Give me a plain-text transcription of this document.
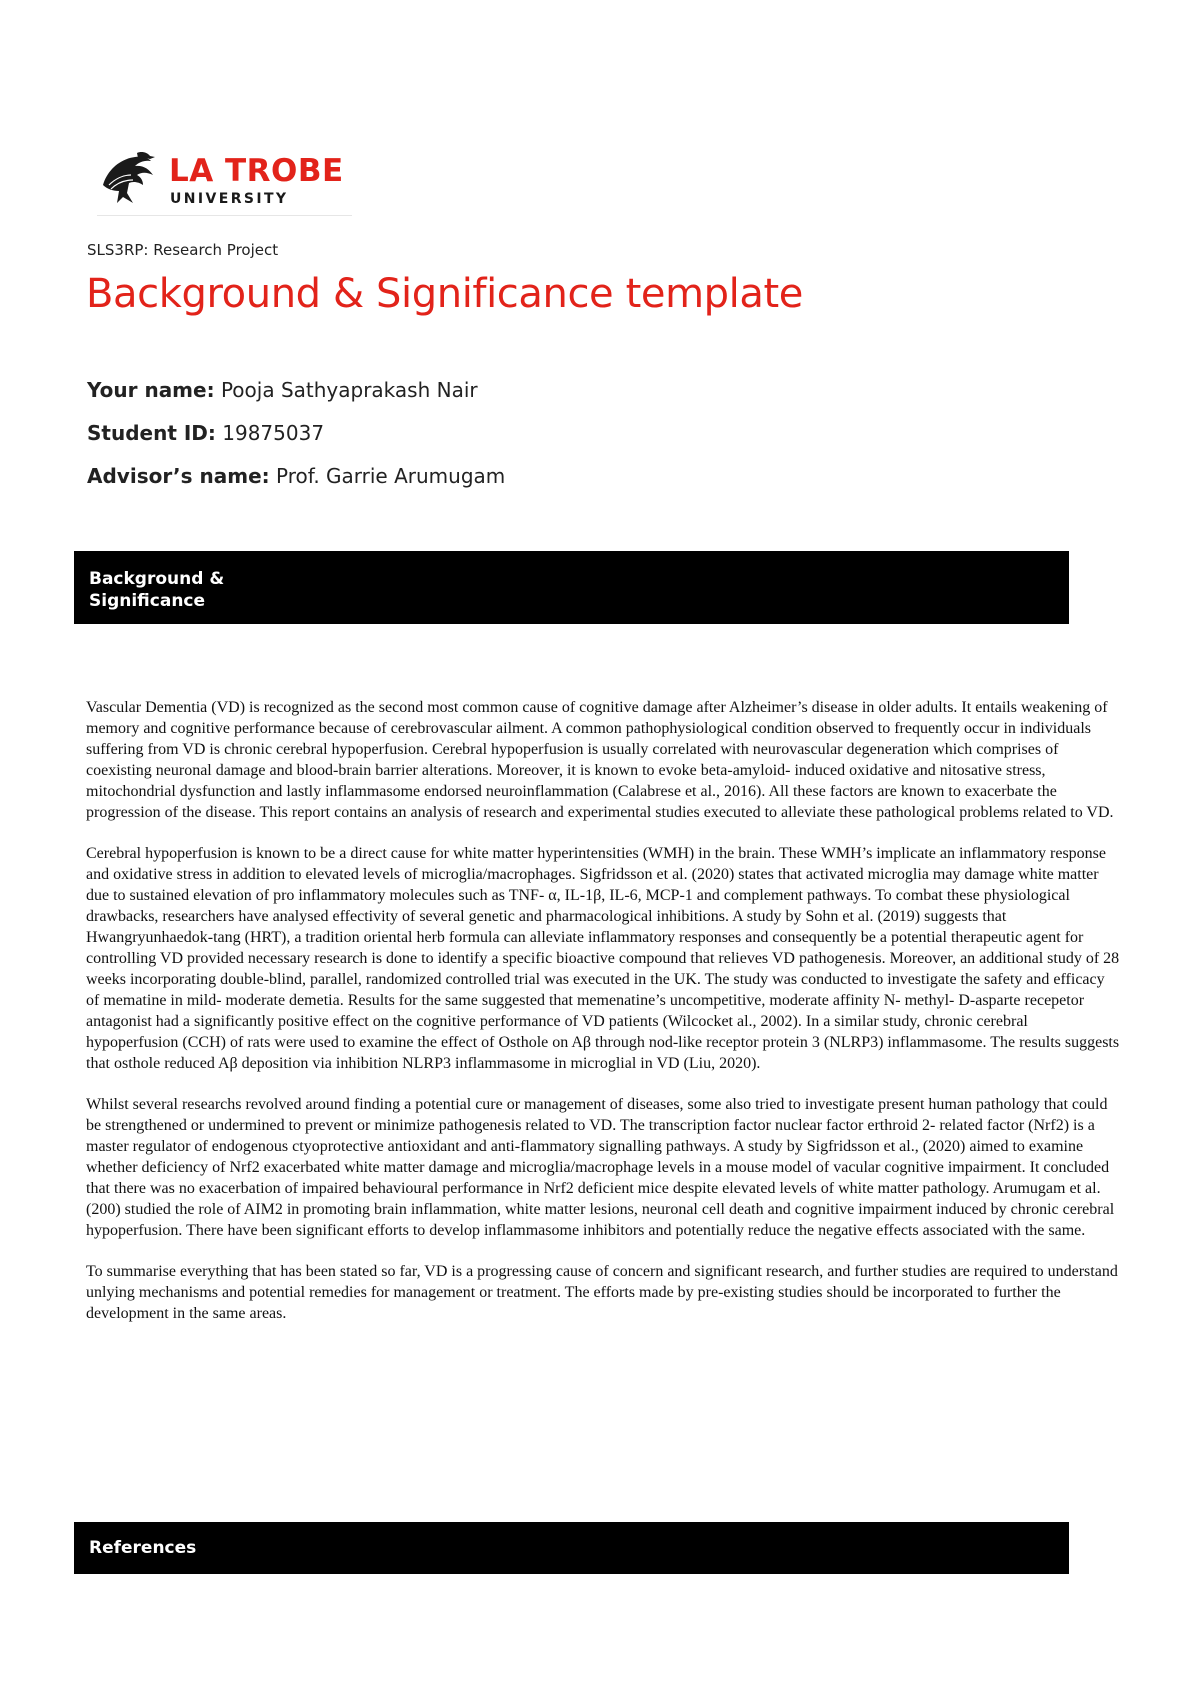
LA TROBE
UNIVERSITY
SLS3RP: Research Project
Background & Significance template
Your name: Pooja Sathyaprakash Nair
Student ID: 19875037
Advisor’s name: Prof. Garrie Arumugam
Background &
Significance

Vascular Dementia (VD) is recognized as the second most common cause of cognitive damage after Alzheimer’s disease in older adults. It entails weakening of memory and cognitive performance because of cerebrovascular ailment. A common pathophysiological condition observed to frequently occur in individuals suffering from VD is chronic cerebral hypoperfusion. Cerebral hypoperfusion is usually correlated with neurovascular degeneration which comprises of coexisting neuronal damage and blood-brain barrier alterations. Moreover, it is known to evoke beta-amyloid- induced oxidative and nitosative stress, mitochondrial dysfunction and lastly inflammasome endorsed neuroinflammation (Calabrese et al., 2016). All these factors are known to exacerbate the progression of the disease. This report contains an analysis of research and experimental studies executed to alleviate these pathological problems related to VD.

Cerebral hypoperfusion is known to be a direct cause for white matter hyperintensities (WMH) in the brain. These WMH’s implicate an inflammatory response and oxidative stress in addition to elevated levels of microglia/macrophages. Sigfridsson et al. (2020) states that activated microglia may damage white matter due to sustained elevation of pro inflammatory molecules such as TNF- α, IL-1β, IL-6, MCP-1 and complement pathways. To combat these physiological drawbacks, researchers have analysed effectivity of several genetic and pharmacological inhibitions. A study by Sohn et al. (2019) suggests that Hwangryunhaedok-tang (HRT), a tradition oriental herb formula can alleviate inflammatory responses and consequently be a potential therapeutic agent for controlling VD provided necessary research is done to identify a specific bioactive compound that relieves VD pathogenesis. Moreover, an additional study of 28 weeks incorporating double-blind, parallel, randomized controlled trial was executed in the UK. The study was conducted to investigate the safety and efficacy of mematine in mild- moderate demetia. Results for the same suggested that memenatine’s uncompetitive, moderate affinity N- methyl- D-asparte recepetor antagonist had a significantly positive effect on the cognitive performance of VD patients (Wilcocket al., 2002). In a similar study, chronic cerebral hypoperfusion (CCH) of rats were used to examine the effect of Osthole on Aβ through nod-like receptor protein 3 (NLRP3) inflammasome. The results suggests that osthole reduced Aβ deposition via inhibition NLRP3 inflammasome in microglial in VD (Liu, 2020).

Whilst several researchs revolved around finding a potential cure or management of diseases, some also tried to investigate present human pathology that could be strengthened or undermined to prevent or minimize pathogenesis related to VD. The transcription factor nuclear factor erthroid 2- related factor (Nrf2) is a master regulator of endogenous ctyoprotective antioxidant and anti-flammatory signalling pathways. A study by Sigfridsson et al., (2020) aimed to examine whether deficiency of Nrf2 exacerbated white matter damage and microglia/macrophage levels in a mouse model of vacular cognitive impairment. It concluded that there was no exacerbation of impaired behavioural performance in Nrf2 deficient mice despite elevated levels of white matter pathology. Arumugam et al. (200) studied the role of AIM2 in promoting brain inflammation, white matter lesions, neuronal cell death and cognitive impairment induced by chronic cerebral hypoperfusion. There have been significant efforts to develop inflammasome inhibitors and potentially reduce the negative effects associated with the same.

To summarise everything that has been stated so far, VD is a progressing cause of concern and significant research, and further studies are required to understand unlying mechanisms and potential remedies for management or treatment. The efforts made by pre-existing studies should be incorporated to further the development in the same areas.

References
